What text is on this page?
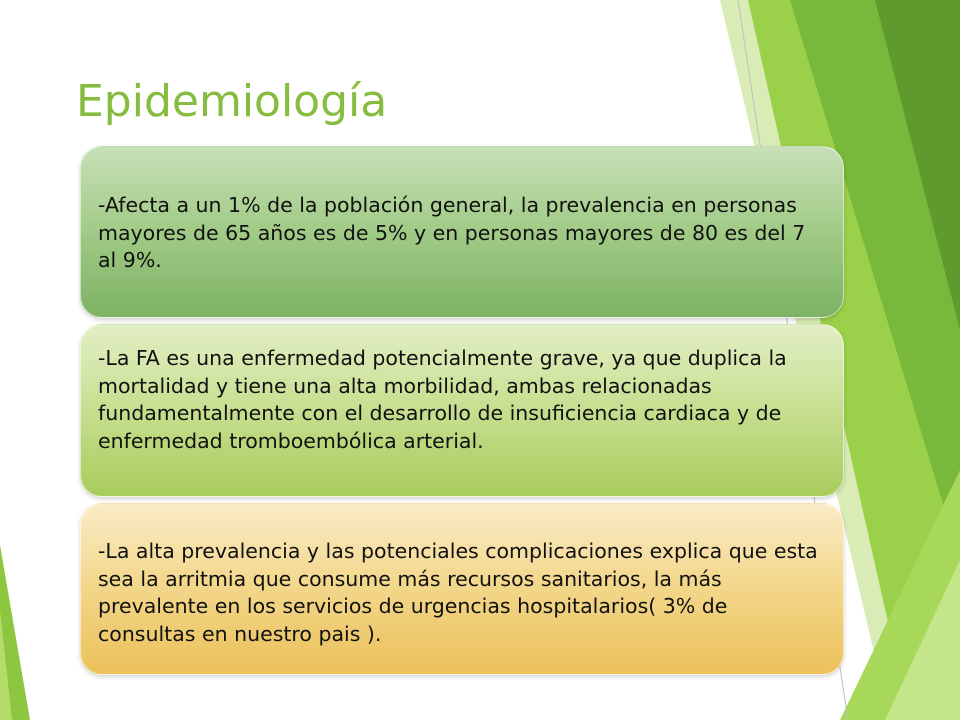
Epidemiología

-Afecta a un 1% de la población general, la prevalencia en personas mayores de 65 años es de 5% y en personas mayores de 80 es del 7 al 9%.

-La FA es una enfermedad potencialmente grave, ya que duplica la mortalidad y tiene una alta morbilidad, ambas relacionadas fundamentalmente con el desarrollo de insuficiencia cardiaca y de enfermedad tromboembólica arterial.

-La alta prevalencia y las potenciales complicaciones explica que esta sea la arritmia que consume más recursos sanitarios, la más prevalente en los servicios de urgencias hospitalarios( 3% de consultas en nuestro pais ).
